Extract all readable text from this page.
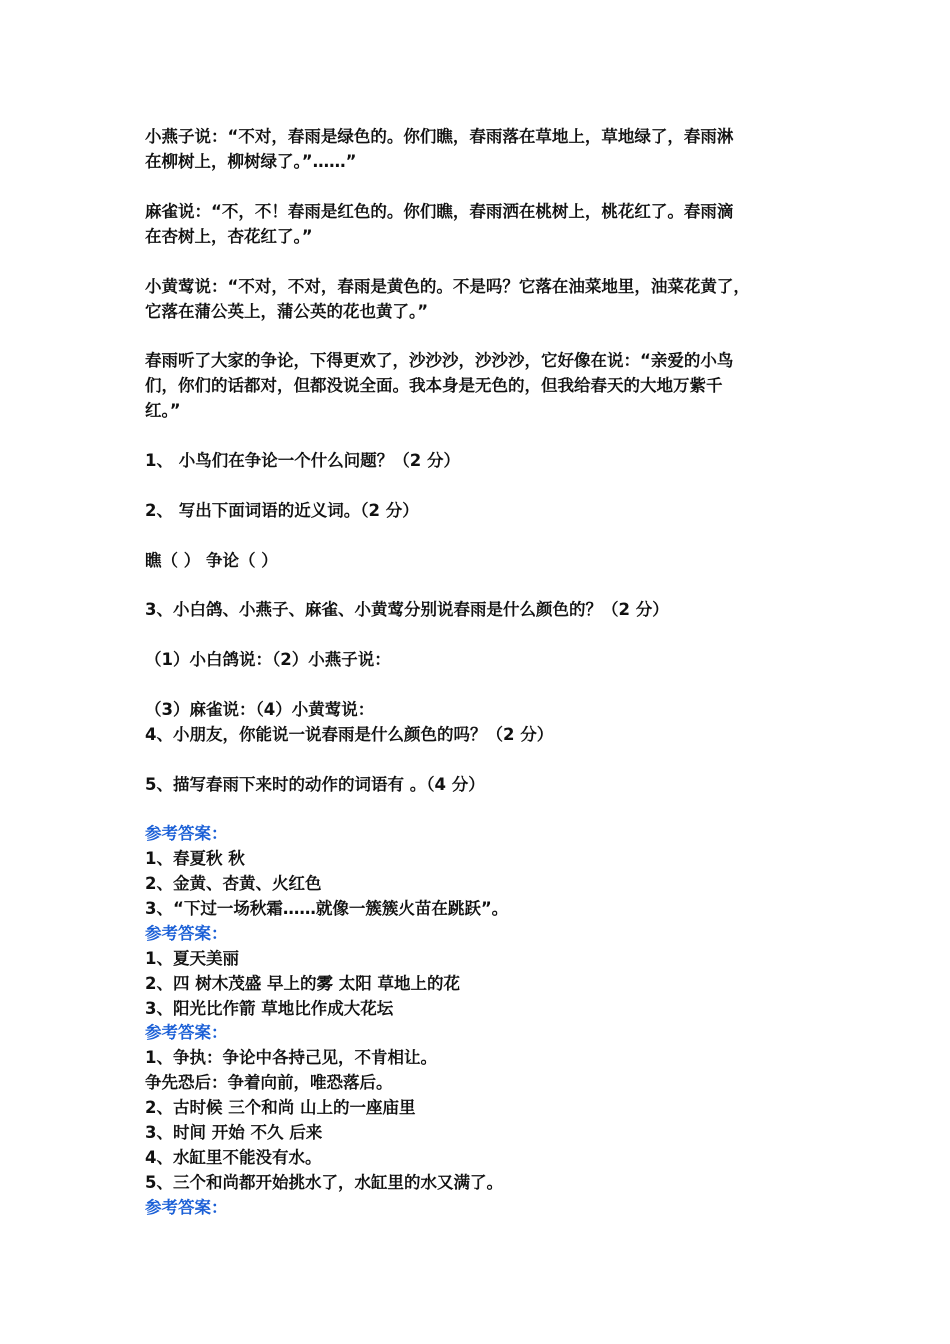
小燕子说：“不对，春雨是绿色的。你们瞧，春雨落在草地上，草地绿了，春雨淋
在柳树上，柳树绿了。”……”
麻雀说：“不，不！春雨是红色的。你们瞧，春雨洒在桃树上，桃花红了。春雨滴
在杏树上，杏花红了。”
小黄莺说：“不对，不对，春雨是黄色的。不是吗？它落在油菜地里，油菜花黄了，
它落在蒲公英上，蒲公英的花也黄了。”
春雨听了大家的争论，下得更欢了，沙沙沙，沙沙沙，它好像在说：“亲爱的小鸟
们，你们的话都对，但都没说全面。我本身是无色的，但我给春天的大地万紫千
红。”
1、 小鸟们在争论一个什么问题？（2 分）
2、 写出下面词语的近义词。（2 分）
瞧（ ） 争论（ ）
3、小白鸽、小燕子、麻雀、小黄莺分别说春雨是什么颜色的？（2 分）
（1）小白鸽说：（2）小燕子说：
（3）麻雀说：（4）小黄莺说：
4、小朋友，你能说一说春雨是什么颜色的吗？（2 分）
5、描写春雨下来时的动作的词语有 。（4 分）
参考答案：
1、春夏秋 秋
2、金黄、杏黄、火红色
3、“下过一场秋霜……就像一簇簇火苗在跳跃”。
参考答案：
1、夏天美丽
2、四 树木茂盛 早上的雾 太阳 草地上的花
3、阳光比作箭 草地比作成大花坛
参考答案：
1、争执：争论中各持己见，不肯相让。
争先恐后：争着向前，唯恐落后。
2、古时候 三个和尚 山上的一座庙里
3、时间 开始 不久 后来
4、水缸里不能没有水。
5、三个和尚都开始挑水了，水缸里的水又满了。
参考答案：
